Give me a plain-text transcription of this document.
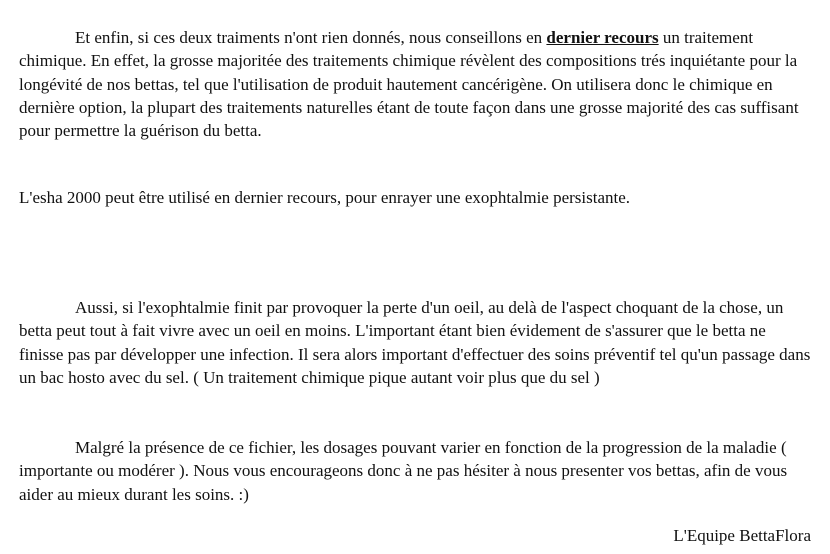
Et enfin, si ces deux traiments n'ont rien donnés, nous conseillons en dernier recours un traitement chimique. En effet, la grosse majoritée des traitements chimique révèlent des compositions trés inquiétante pour la longévité de nos bettas, tel que l'utilisation de produit hautement cancérigène. On utilisera donc le chimique en dernière option, la plupart des traitements naturelles étant de toute façon dans une grosse majorité des cas suffisant pour permettre la guérison du betta.

L'esha 2000 peut être utilisé en dernier recours, pour enrayer une exophtalmie persistante.

Aussi, si l'exophtalmie finit par provoquer la perte d'un oeil, au delà de l'aspect choquant de la chose, un betta peut tout à fait vivre avec un oeil en moins. L'important étant bien évidement de s'assurer que le betta ne finisse pas par développer une infection. Il sera alors important d'effectuer des soins préventif tel qu'un passage dans un bac hosto avec du sel. ( Un traitement chimique pique autant voir plus que du sel )

Malgré la présence de ce fichier, les dosages pouvant varier en fonction de la progression de la maladie ( importante ou modérer ). Nous vous encourageons donc à ne pas hésiter à nous presenter vos bettas, afin de vous aider au mieux durant les soins. :)

L'Equipe BettaFlora
